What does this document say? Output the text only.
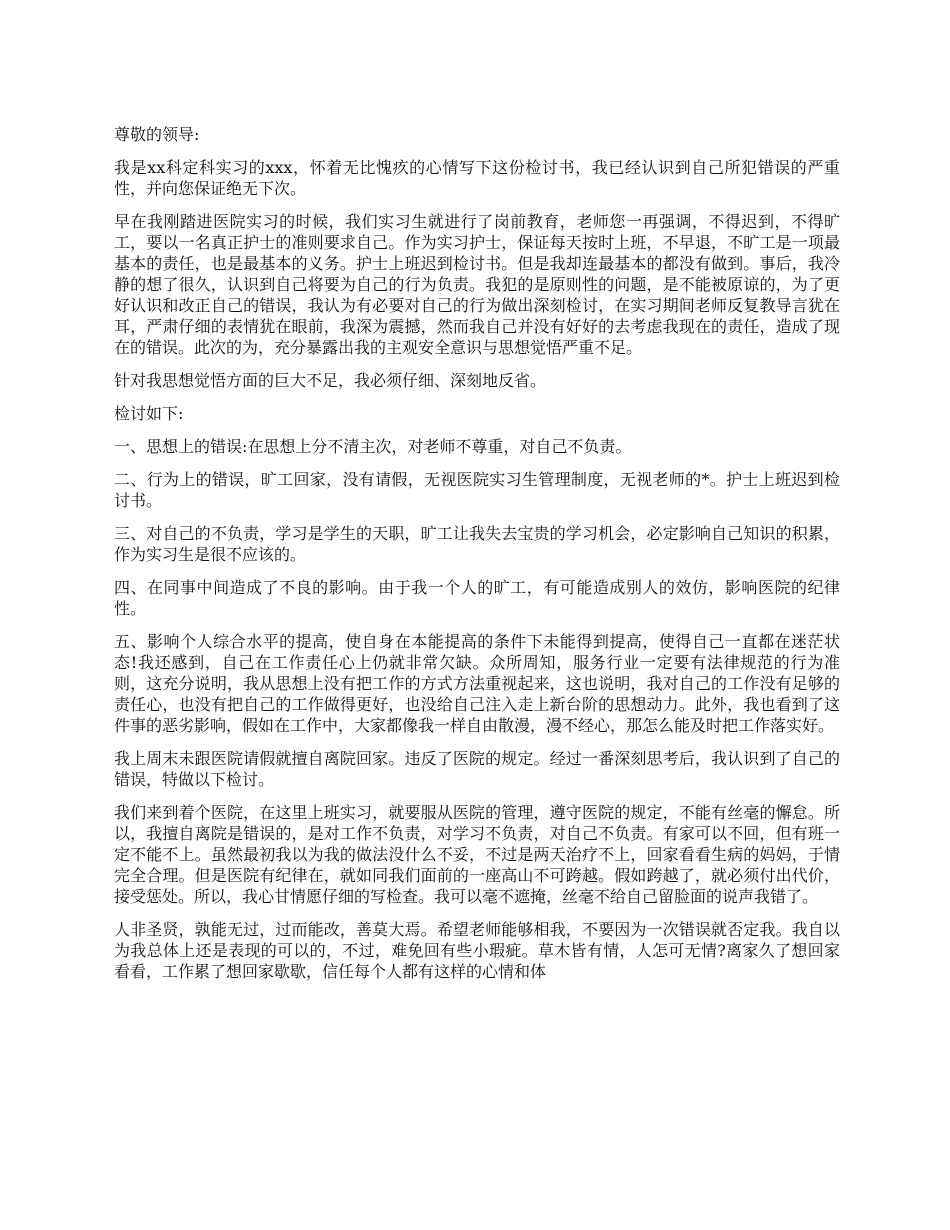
尊敬的领导:

我是xx科定科实习的xxx，怀着无比愧疚的心情写下这份检讨书，我已经认识到自己所犯错误的严重性，并向您保证绝无下次。

早在我刚踏进医院实习的时候，我们实习生就进行了岗前教育，老师您一再强调，不得迟到，不得旷工，要以一名真正护士的准则要求自己。作为实习护士，保证每天按时上班，不早退，不旷工是一项最基本的责任，也是最基本的义务。护士上班迟到检讨书。但是我却连最基本的都没有做到。事后，我冷静的想了很久，认识到自己将要为自己的行为负责。我犯的是原则性的问题，是不能被原谅的，为了更好认识和改正自己的错误，我认为有必要对自己的行为做出深刻检讨，在实习期间老师反复教导言犹在耳，严肃仔细的表情犹在眼前，我深为震撼，然而我自己并没有好好的去考虑我现在的责任，造成了现在的错误。此次的为，充分暴露出我的主观安全意识与思想觉悟严重不足。

针对我思想觉悟方面的巨大不足，我必须仔细、深刻地反省。

检讨如下:

一、思想上的错误:在思想上分不清主次，对老师不尊重，对自己不负责。

二、行为上的错误，旷工回家，没有请假，无视医院实习生管理制度，无视老师的*。护士上班迟到检讨书。

三、对自己的不负责，学习是学生的天职，旷工让我失去宝贵的学习机会，必定影响自己知识的积累，作为实习生是很不应该的。

四、在同事中间造成了不良的影响。由于我一个人的旷工，有可能造成别人的效仿，影响医院的纪律性。

五、影响个人综合水平的提高，使自身在本能提高的条件下未能得到提高，使得自己一直都在迷茫状态!我还感到，自己在工作责任心上仍就非常欠缺。众所周知，服务行业一定要有法律规范的行为准则，这充分说明，我从思想上没有把工作的方式方法重视起来，这也说明，我对自己的工作没有足够的责任心，也没有把自己的工作做得更好，也没给自己注入走上新台阶的思想动力。此外，我也看到了这件事的恶劣影响，假如在工作中，大家都像我一样自由散漫，漫不经心，那怎么能及时把工作落实好。

我上周末未跟医院请假就擅自离院回家。违反了医院的规定。经过一番深刻思考后，我认识到了自己的错误，特做以下检讨。

我们来到着个医院，在这里上班实习，就要服从医院的管理，遵守医院的规定，不能有丝毫的懈怠。所以，我擅自离院是错误的，是对工作不负责，对学习不负责，对自己不负责。有家可以不回，但有班一定不能不上。虽然最初我以为我的做法没什么不妥，不过是两天治疗不上，回家看看生病的妈妈，于情完全合理。但是医院有纪律在，就如同我们面前的一座高山不可跨越。假如跨越了，就必须付出代价，接受惩处。所以，我心甘情愿仔细的写检查。我可以毫不遮掩，丝毫不给自己留脸面的说声我错了。

人非圣贤，孰能无过，过而能改，善莫大焉。希望老师能够相我，不要因为一次错误就否定我。我自以为我总体上还是表现的可以的，不过，难免回有些小瑕疵。草木皆有情，人怎可无情?离家久了想回家看看，工作累了想回家歇歇，信任每个人都有这样的心情和体
